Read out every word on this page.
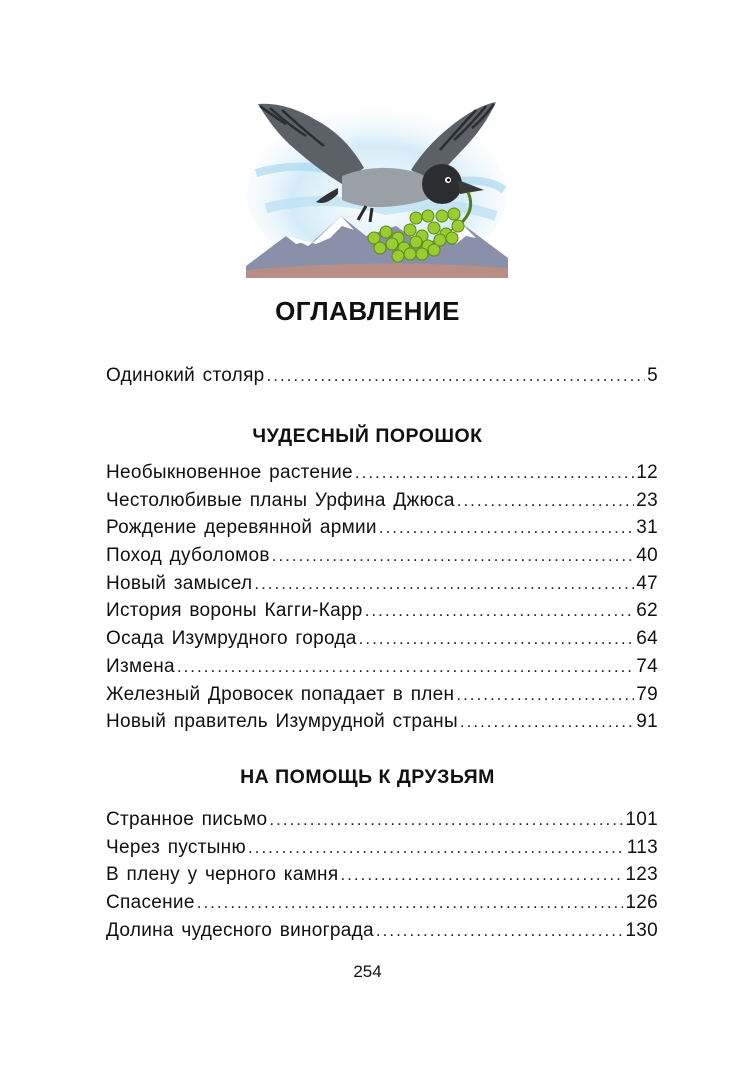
ОГЛАВЛЕНИЕ
Одинокий столяр .....	5
ЧУДЕСНЫЙ ПОРОШОК
Необыкновенное растение .....	12
Честолюбивые планы Урфина Джюса .....	23
Рождение деревянной армии .....	31
Поход дуболомов .....	40
Новый замысел .....	47
История вороны Кагги-Карр .....	62
Осада Изумрудного города .....	64
Измена .....	74
Железный Дровосек попадает в плен .....	79
Новый правитель Изумрудной страны .....	91
НА ПОМОЩЬ К ДРУЗЬЯМ
Странное письмо .....	101
Через пустыню .....	113
В плену у черного камня .....	123
Спасение .....	126
Долина чудесного винограда .....	130
254
